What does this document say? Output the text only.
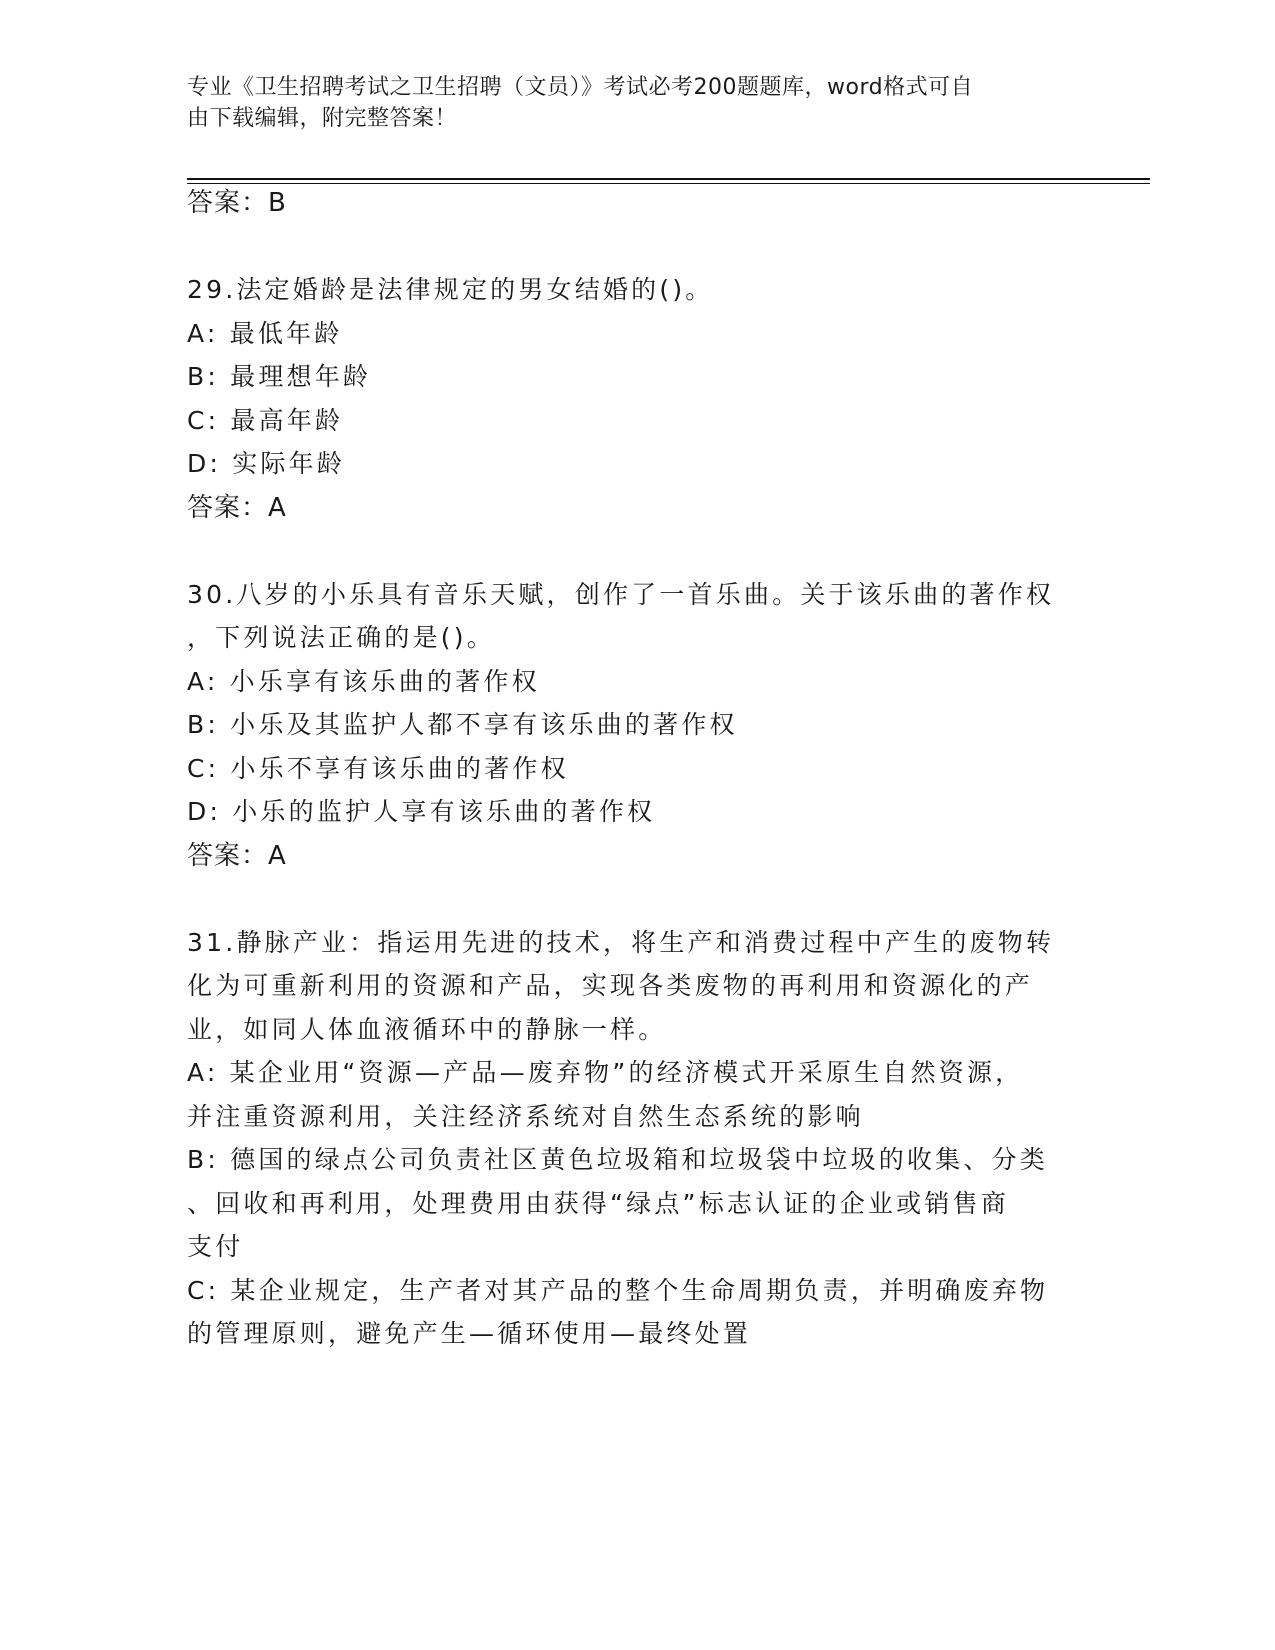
专业《卫生招聘考试之卫生招聘（文员）》考试必考200题题库，word格式可自
由下载编辑，附完整答案！
答案：B
29.法定婚龄是法律规定的男女结婚的()。
A: 最低年龄
B: 最理想年龄
C: 最高年龄
D: 实际年龄
答案：A
30.八岁的小乐具有音乐天赋，创作了一首乐曲。关于该乐曲的著作权
，下列说法正确的是()。
A: 小乐享有该乐曲的著作权
B: 小乐及其监护人都不享有该乐曲的著作权
C: 小乐不享有该乐曲的著作权
D: 小乐的监护人享有该乐曲的著作权
答案：A
31.静脉产业：指运用先进的技术，将生产和消费过程中产生的废物转
化为可重新利用的资源和产品，实现各类废物的再利用和资源化的产
业，如同人体血液循环中的静脉一样。
A: 某企业用“资源—产品—废弃物”的经济模式开采原生自然资源，
并注重资源利用，关注经济系统对自然生态系统的影响
B: 德国的绿点公司负责社区黄色垃圾箱和垃圾袋中垃圾的收集、分类
、回收和再利用，处理费用由获得“绿点”标志认证的企业或销售商
支付
C: 某企业规定，生产者对其产品的整个生命周期负责，并明确废弃物
的管理原则，避免产生—循环使用—最终处置
